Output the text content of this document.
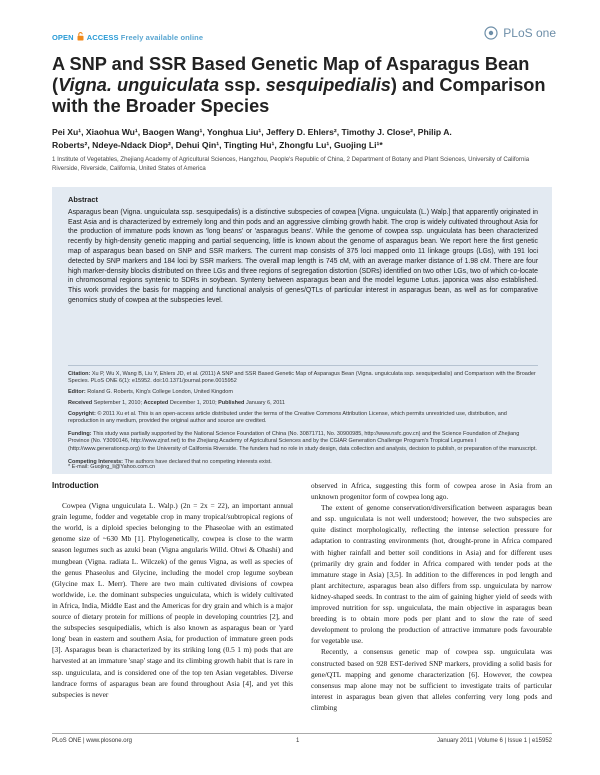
OPEN ACCESS Freely available online	PLoS one
A SNP and SSR Based Genetic Map of Asparagus Bean
(Vigna. unguiculata ssp. sesquipedialis) and Comparison
with the Broader Species
Pei Xu¹, Xiaohua Wu¹, Baogen Wang¹, Yonghua Liu¹, Jeffery D. Ehlers², Timothy J. Close², Philip A.
Roberts², Ndeye-Ndack Diop², Dehui Qin¹, Tingting Hu¹, Zhongfu Lu¹, Guojing Li¹*
1 Institute of Vegetables, Zhejiang Academy of Agricultural Sciences, Hangzhou, People's Republic of China, 2 Department of Botany and Plant Sciences, University of California Riverside, Riverside, California, United States of America
Abstract

Asparagus bean (Vigna. unguiculata ssp. sesquipedalis) is a distinctive subspecies of cowpea [Vigna. unguiculata (L.) Walp.] that apparently originated in East Asia and is characterized by extremely long and thin pods and an aggressive climbing growth habit. The crop is widely cultivated throughout Asia for the production of immature pods known as 'long beans' or 'asparagus beans'. While the genome of cowpea ssp. unguiculata has been characterized recently by high-density genetic mapping and partial sequencing, little is known about the genome of asparagus bean. We report here the first genetic map of asparagus bean based on SNP and SSR markers. The current map consists of 375 loci mapped onto 11 linkage groups (LGs), with 191 loci detected by SNP markers and 184 loci by SSR markers. The overall map length is 745 cM, with an average marker distance of 1.98 cM. There are four high marker-density blocks distributed on three LGs and three regions of segregation distortion (SDRs) identified on two other LGs, two of which co-locate in chromosomal regions syntenic to SDRs in soybean. Synteny between asparagus bean and the model legume Lotus. japonica was also established. This work provides the basis for mapping and functional analysis of genes/QTLs of particular interest in asparagus bean, as well as for comparative genomics study of cowpea at the subspecies level.

Citation: Xu P, Wu X, Wang B, Liu Y, Ehlers JD, et al. (2011) A SNP and SSR Based Genetic Map of Asparagus Bean (Vigna. unguiculata ssp. sesquipedialis) and Comparison with the Broader Species. PLoS ONE 6(1): e15952. doi:10.1371/journal.pone.0015952
Editor: Roland G. Roberts, King's College London, United Kingdom
Received September 1, 2010; Accepted December 1, 2010; Published January 6, 2011
Copyright: © 2011 Xu et al. This is an open-access article distributed under the terms of the Creative Commons Attribution License, which permits unrestricted use, distribution, and reproduction in any medium, provided the original author and source are credited.
Funding: This study was partially supported by the National Science Foundation of China (No. 30871711, No. 30900985, http://www.nsfc.gov.cn) and the Science Foundation of Zhejiang Province (No. Y3090146, http://www.zjnsf.net) to the Zhejiang Academy of Agricultural Sciences and by the CGIAR Generation Challenge Program's Tropical Legumes I (http://www.generationcp.org) to the University of California Riverside. The funders had no role in study design, data collection and analysis, decision to publish, or preparation of the manuscript.
Competing Interests: The authors have declared that no competing interests exist.
* E-mail: Guojing_li@Yahoo.com.cn
Introduction

Cowpea (Vigna unguiculata L. Walp.) (2n = 2x = 22), an important annual grain legume, fodder and vegetable crop in many tropical/subtropical regions of the world, is a diploid species belonging to the Phaseolae with an estimated genome size of ~630 Mb [1]. Phylogenetically, cowpea is close to the warm season legumes such as azuki bean (Vigna angularis Willd. Ohwi & Ohashi) and mungbean (Vigna. radiata L. Wilczek) of the genus Vigna, as well as species of the genus Phaseolus and Glycine, including the model crop legume soybean (Glycine max L. Merr). There are two main cultivated divisions of cowpea worldwide, i.e. the dominant subspecies unguiculata, which is widely cultivated in Africa, India, Middle East and the Americas for dry grain and which is a major source of dietary protein for millions of people in developing countries [2], and the subspecies sesquipedialis, which is also known as asparagus bean or 'yard long' bean in eastern and southern Asia, for production of immature green pods [3]. Asparagus bean is characterized by its striking long (0.5 1 m) pods that are harvested at an immature 'snap' stage and its climbing growth habit that is rare in ssp. unguiculata, and is considered one of the top ten Asian vegetables. Diverse landrace forms of asparagus bean are found throughout Asia [4], and yet this subspecies is never

observed in Africa, suggesting this form of cowpea arose in Asia from an unknown progenitor form of cowpea long ago.

The extent of genome conservation/diversification between asparagus bean and ssp. unguiculata is not well understood; however, the two subspecies are quite distinct morphologically, reflecting the intense selection pressure for adaptation to contrasting environments (hot, drought-prone in Africa compared with higher rainfall and better soil conditions in Asia) and for different uses (primarily dry grain and fodder in Africa compared with tender pods at the immature stage in Asia) [3,5]. In addition to the differences in pod length and plant architecture, asparagus bean also differs from ssp. unguiculata by narrow kidney-shaped seeds. In contrast to the aim of gaining higher yield of seeds with improved nutrition for ssp. unguiculata, the main objective in asparagus bean breeding is to obtain more pods per plant and to slow the rate of seed development to prolong the production of attractive immature pods favourable for vegetable use.

Recently, a consensus genetic map of cowpea ssp. unguiculata was constructed based on 928 EST-derived SNP markers, providing a solid basis for gene/QTL mapping and genome characterization [6]. However, the cowpea consensus map alone may not be sufficient to investigate traits of particular interest in asparagus bean given that alleles conferring very long pods and climbing

PLoS ONE | www.plosone.org	1	January 2011 | Volume 6 | Issue 1 | e15952
